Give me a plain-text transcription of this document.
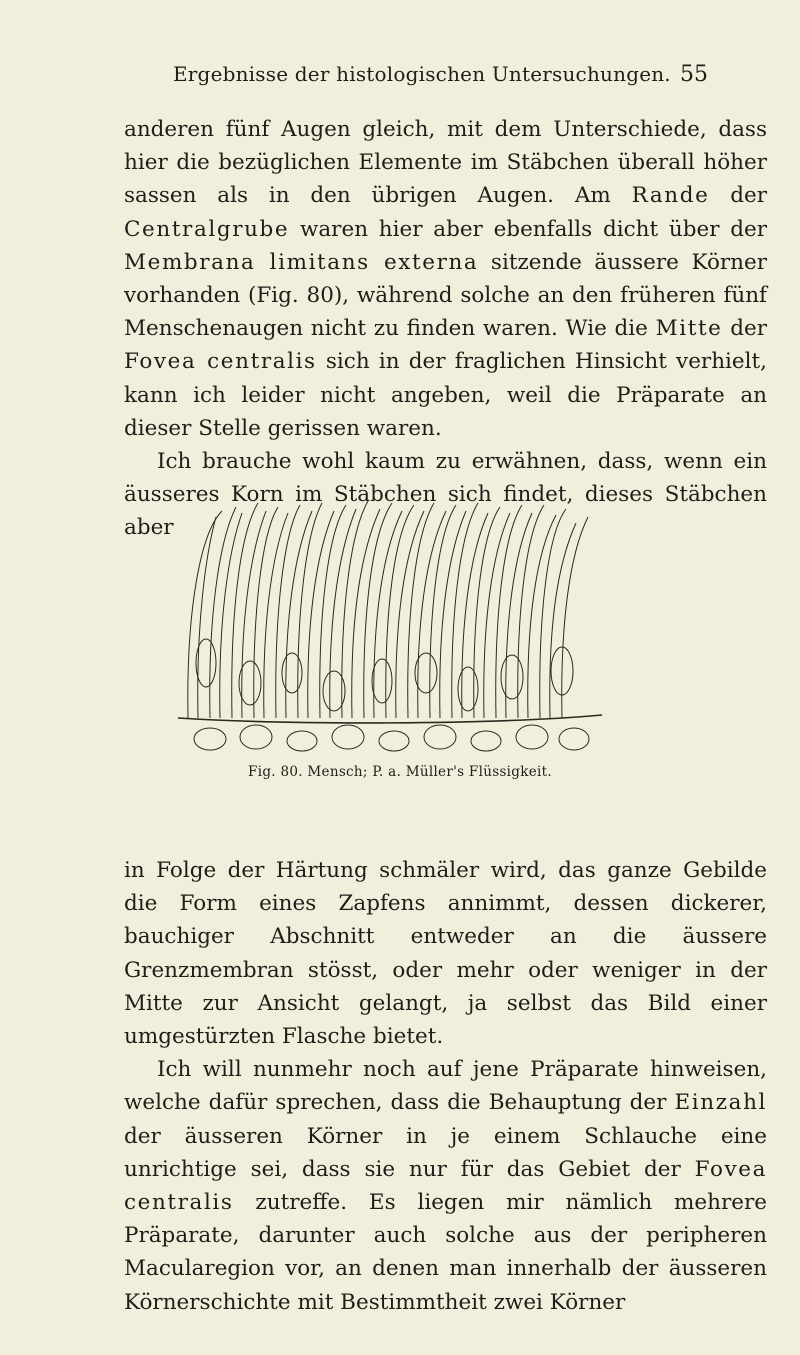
Ergebnisse der histologischen Untersuchungen. 55

anderen fünf Augen gleich, mit dem Unterschiede, dass hier die bezüglichen Elemente im Stäbchen überall höher sassen als in den übrigen Augen. Am Rande der Centralgrube waren hier aber ebenfalls dicht über der Membrana limitans externa sitzende äussere Körner vorhanden (Fig. 80), während solche an den früheren fünf Menschenaugen nicht zu finden waren. Wie die Mitte der Fovea centralis sich in der fraglichen Hinsicht verhielt, kann ich leider nicht angeben, weil die Präparate an dieser Stelle gerissen waren.

Ich brauche wohl kaum zu erwähnen, dass, wenn ein äusseres Korn im Stäbchen sich findet, dieses Stäbchen aber

Fig. 80. Mensch; P. a. Müller's Flüssigkeit.

in Folge der Härtung schmäler wird, das ganze Gebilde die Form eines Zapfens annimmt, dessen dickerer, bauchiger Abschnitt entweder an die äussere Grenzmembran stösst, oder mehr oder weniger in der Mitte zur Ansicht gelangt, ja selbst das Bild einer umgestürzten Flasche bietet.

Ich will nunmehr noch auf jene Präparate hinweisen, welche dafür sprechen, dass die Behauptung der Einzahl der äusseren Körner in je einem Schlauche eine unrichtige sei, dass sie nur für das Gebiet der Fovea centralis zutreffe. Es liegen mir nämlich mehrere Präparate, darunter auch solche aus der peripheren Macularegion vor, an denen man innerhalb der äusseren Körnerschichte mit Bestimmtheit zwei Körner
